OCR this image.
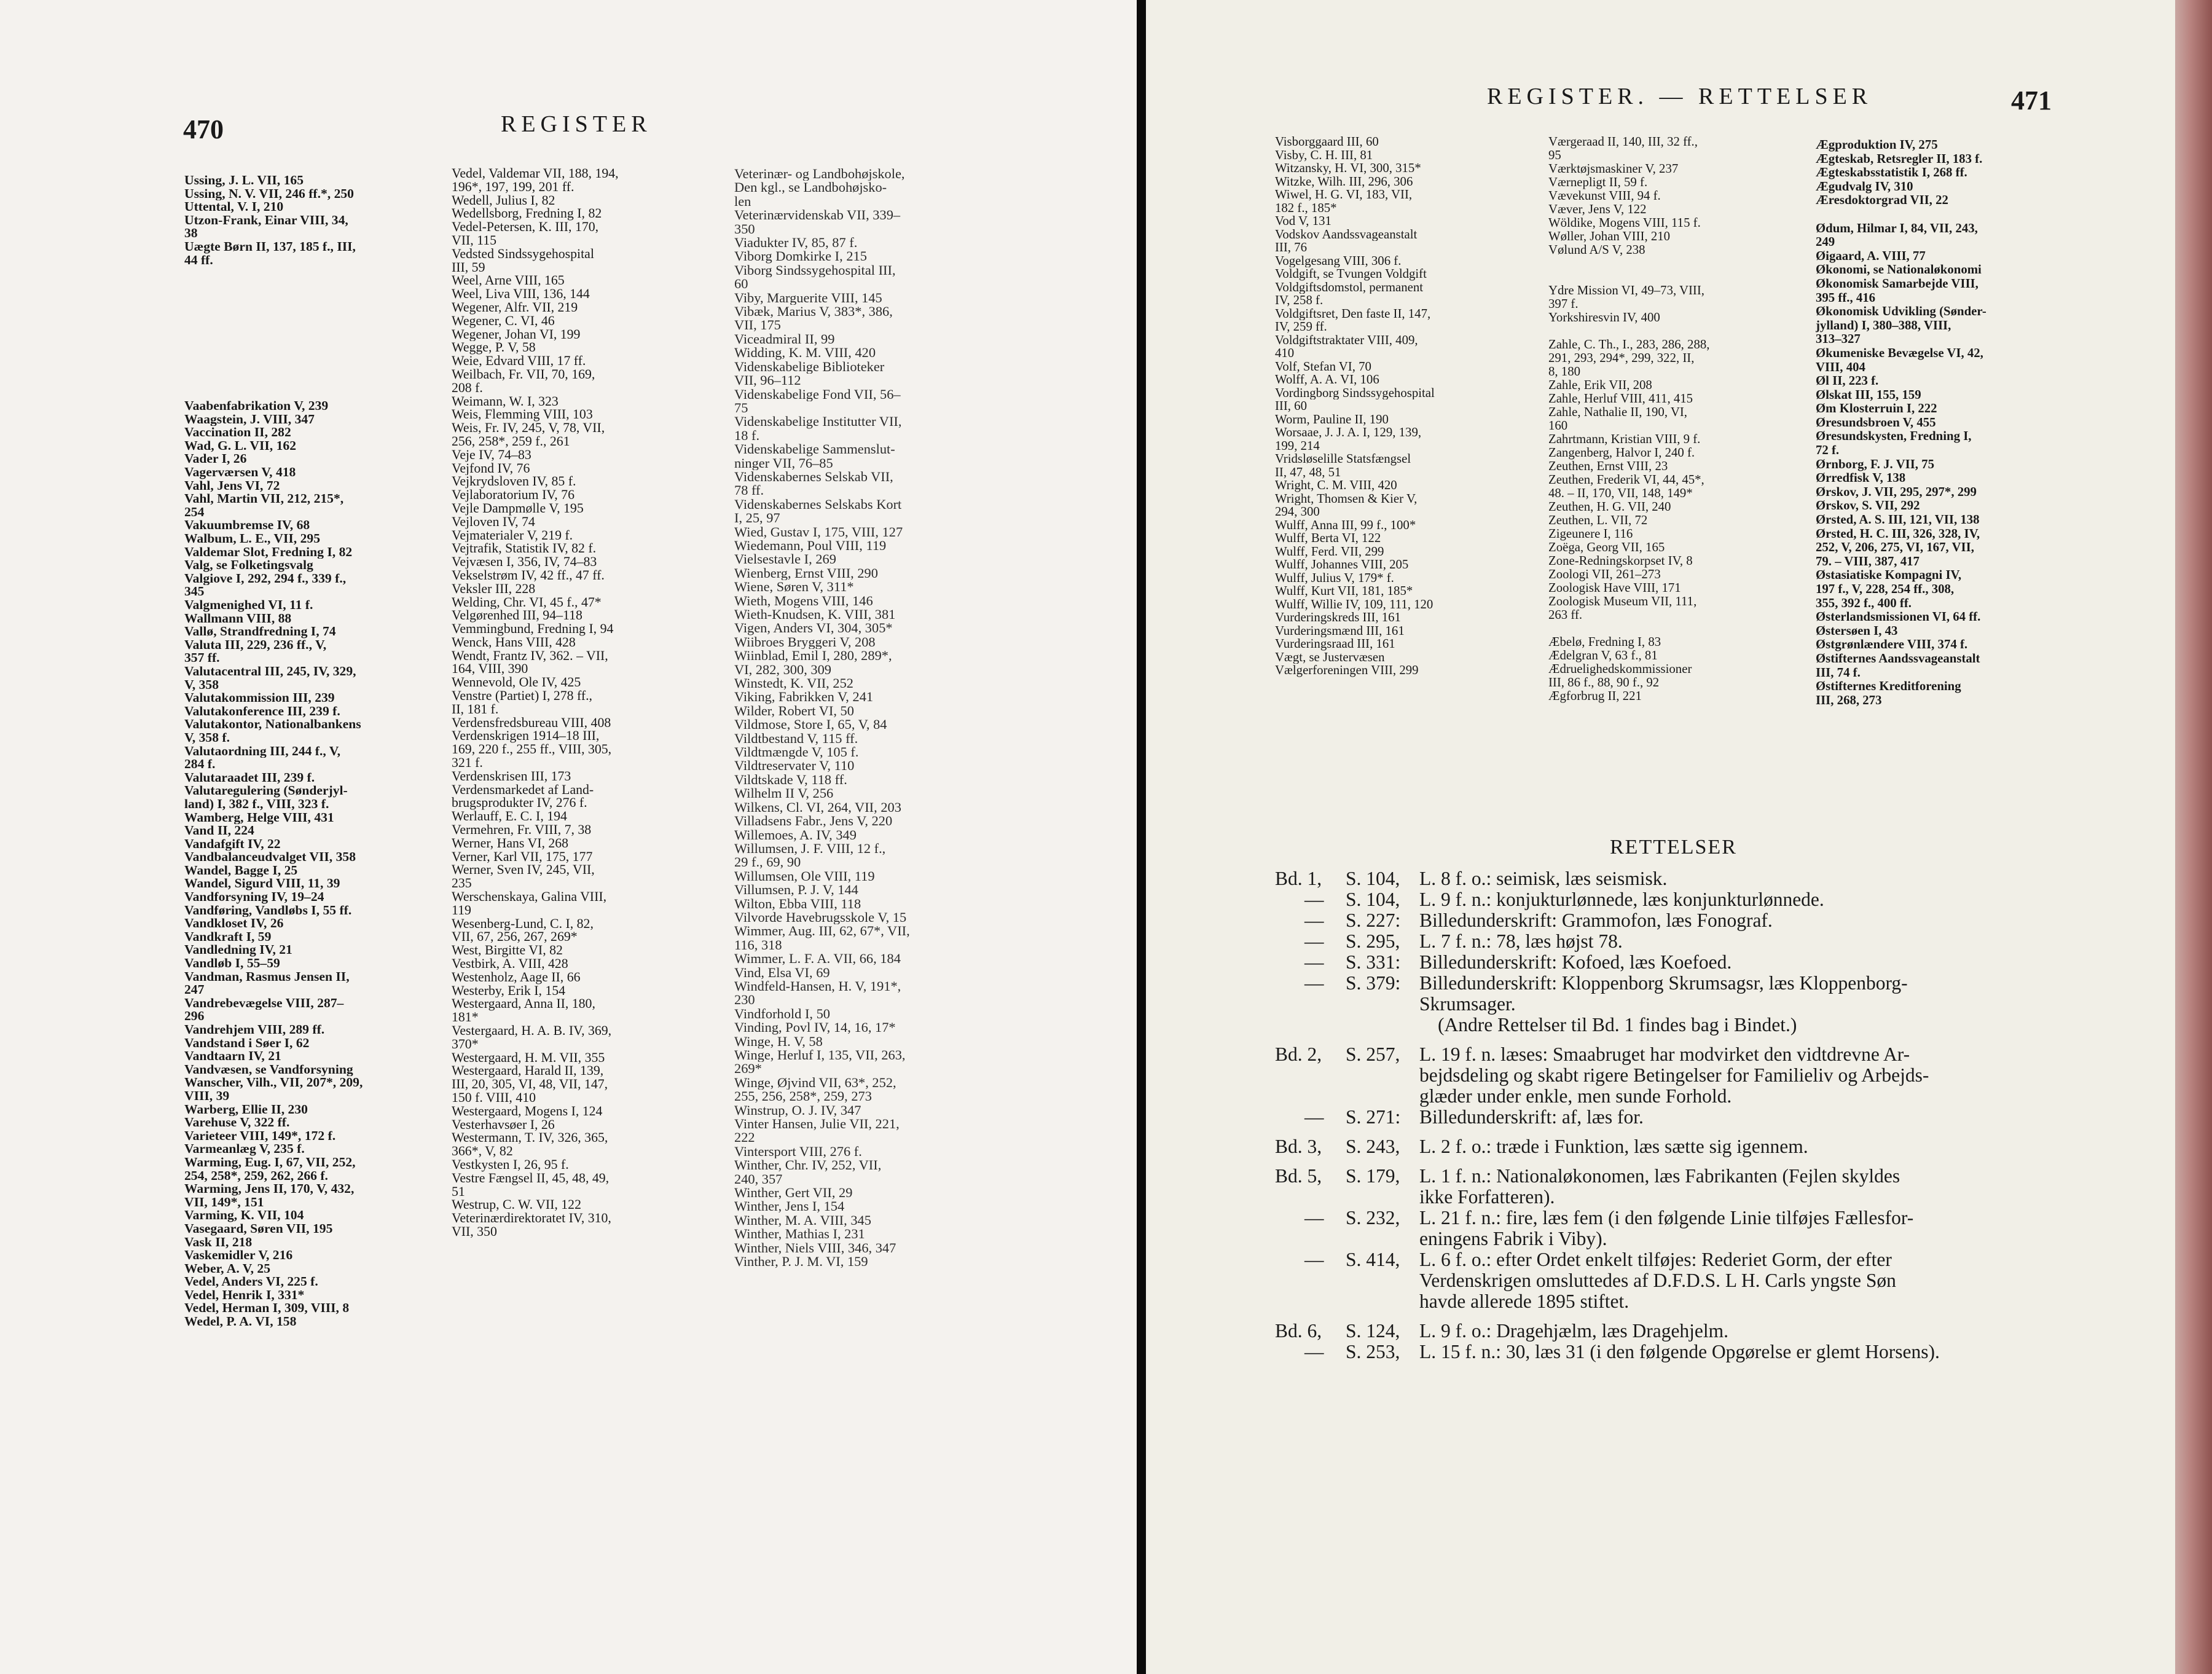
470	REGISTER
Ussing, J. L. VII, 165
Ussing, N. V. VII, 246 ff.*, 250
Uttental, V. I, 210
Utzon-Frank, Einar VIII, 34,
38
Uægte Børn II, 137, 185 f., III,
44 ff.

Vaabenfabrikation V, 239
Waagstein, J. VIII, 347
Vaccination II, 282
Wad, G. L. VII, 162
Vader I, 26
Vagerværsen V, 418
Vahl, Jens VI, 72
Vahl, Martin VII, 212, 215*,
254
Vakuumbremse IV, 68
Walbum, L. E., VII, 295
Valdemar Slot, Fredning I, 82
Valg, se Folketingsvalg
Valgiove I, 292, 294 f., 339 f.,
345
Valgmenighed VI, 11 f.
Wallmann VIII, 88
Vallø, Strandfredning I, 74
Valuta III, 229, 236 ff., V,
357 ff.
Valutacentral III, 245, IV, 329,
V, 358
Valutakommission III, 239
Valutakonference III, 239 f.
Valutakontor, Nationalbankens
V, 358 f.
Valutaordning III, 244 f., V,
284 f.
Valutaraadet III, 239 f.
Valutaregulering (Sønderjyl-
land) I, 382 f., VIII, 323 f.
Wamberg, Helge VIII, 431
Vand II, 224
Vandafgift IV, 22
Vandbalanceudvalget VII, 358
Wandel, Bagge I, 25
Wandel, Sigurd VIII, 11, 39
Vandforsyning IV, 19–24
Vandføring, Vandløbs I, 55 ff.
Vandkloset IV, 26
Vandkraft I, 59
Vandledning IV, 21
Vandløb I, 55–59
Vandman, Rasmus Jensen II,
247
Vandrebevægelse VIII, 287–
296
Vandrehjem VIII, 289 ff.
Vandstand i Søer I, 62
Vandtaarn IV, 21
Vandvæsen, se Vandforsyning
Wanscher, Vilh., VII, 207*, 209,
VIII, 39
Warberg, Ellie II, 230
Varehuse V, 322 ff.
Varieteer VIII, 149*, 172 f.
Varmeanlæg V, 235 f.
Warming, Eug. I, 67, VII, 252,
254, 258*, 259, 262, 266 f.
Warming, Jens II, 170, V, 432,
VII, 149*, 151
Varming, K. VII, 104
Vasegaard, Søren VII, 195
Vask II, 218
Vaskemidler V, 216
Weber, A. V, 25
Vedel, Anders VI, 225 f.
Vedel, Henrik I, 331*
Vedel, Herman I, 309, VIII, 8
Wedel, P. A. VI, 158
Vedel, Valdemar VII, 188, 194,
196*, 197, 199, 201 ff.
Wedell, Julius I, 82
Wedellsborg, Fredning I, 82
Vedel-Petersen, K. III, 170,
VII, 115
Vedsted Sindssygehospital
III, 59
Weel, Arne VIII, 165
Weel, Liva VIII, 136, 144
Wegener, Alfr. VII, 219
Wegener, C. VI, 46
Wegener, Johan VI, 199
Wegge, P. V, 58
Weie, Edvard VIII, 17 ff.
Weilbach, Fr. VII, 70, 169,
208 f.
Weimann, W. I, 323
Weis, Flemming VIII, 103
Weis, Fr. IV, 245, V, 78, VII,
256, 258*, 259 f., 261
Veje IV, 74–83
Vejfond IV, 76
Vejkrydsloven IV, 85 f.
Vejlaboratorium IV, 76
Vejle Dampmølle V, 195
Vejloven IV, 74
Vejmaterialer V, 219 f.
Vejtrafik, Statistik IV, 82 f.
Vejvæsen I, 356, IV, 74–83
Vekselstrøm IV, 42 ff., 47 ff.
Veksler III, 228
Welding, Chr. VI, 45 f., 47*
Velgørenhed III, 94–118
Vemmingbund, Fredning I, 94
Wenck, Hans VIII, 428
Wendt, Frantz IV, 362. – VII,
164, VIII, 390
Wennevold, Ole IV, 425
Venstre (Partiet) I, 278 ff.,
II, 181 f.
Verdensfredsbureau VIII, 408
Verdenskrigen 1914–18 III,
169, 220 f., 255 ff., VIII, 305,
321 f.
Verdenskrisen III, 173
Verdensmarkedet af Land-
brugsprodukter IV, 276 f.
Werlauff, E. C. I, 194
Vermehren, Fr. VIII, 7, 38
Werner, Hans VI, 268
Verner, Karl VII, 175, 177
Werner, Sven IV, 245, VII,
235
Werschenskaya, Galina VIII,
119
Wesenberg-Lund, C. I, 82,
VII, 67, 256, 267, 269*
West, Birgitte VI, 82
Vestbirk, A. VIII, 428
Westenholz, Aage II, 66
Westerby, Erik I, 154
Westergaard, Anna II, 180,
181*
Vestergaard, H. A. B. IV, 369,
370*
Westergaard, H. M. VII, 355
Westergaard, Harald II, 139,
III, 20, 305, VI, 48, VII, 147,
150 f. VIII, 410
Westergaard, Mogens I, 124
Vesterhavsøer I, 26
Westermann, T. IV, 326, 365,
366*, V, 82
Vestkysten I, 26, 95 f.
Vestre Fængsel II, 45, 48, 49,
51
Westrup, C. W. VII, 122
Veterinærdirektoratet IV, 310,
VII, 350
Veterinær- og Landbohøjskole,
Den kgl., se Landbohøjsko-
len
Veterinærvidenskab VII, 339–
350
Viadukter IV, 85, 87 f.
Viborg Domkirke I, 215
Viborg Sindssygehospital III,
60
Viby, Marguerite VIII, 145
Vibæk, Marius V, 383*, 386,
VII, 175
Viceadmiral II, 99
Widding, K. M. VIII, 420
Videnskabelige Biblioteker
VII, 96–112
Videnskabelige Fond VII, 56–
75
Videnskabelige Institutter VII,
18 f.
Videnskabelige Sammenslut-
ninger VII, 76–85
Videnskabernes Selskab VII,
78 ff.
Videnskabernes Selskabs Kort
I, 25, 97
Wied, Gustav I, 175, VIII, 127
Wiedemann, Poul VIII, 119
Vielsestavle I, 269
Wienberg, Ernst VIII, 290
Wiene, Søren V, 311*
Wieth, Mogens VIII, 146
Wieth-Knudsen, K. VIII, 381
Vigen, Anders VI, 304, 305*
Wiibroes Bryggeri V, 208
Wiinblad, Emil I, 280, 289*,
VI, 282, 300, 309
Winstedt, K. VII, 252
Viking, Fabrikken V, 241
Wilder, Robert VI, 50
Vildmose, Store I, 65, V, 84
Vildtbestand V, 115 ff.
Vildtmængde V, 105 f.
Vildtreservater V, 110
Vildtskade V, 118 ff.
Wilhelm II V, 256
Wilkens, Cl. VI, 264, VII, 203
Villadsens Fabr., Jens V, 220
Willemoes, A. IV, 349
Willumsen, J. F. VIII, 12 f.,
29 f., 69, 90
Willumsen, Ole VIII, 119
Villumsen, P. J. V, 144
Wilton, Ebba VIII, 118
Vilvorde Havebrugsskole V, 15
Wimmer, Aug. III, 62, 67*, VII,
116, 318
Wimmer, L. F. A. VII, 66, 184
Vind, Elsa VI, 69
Windfeld-Hansen, H. V, 191*,
230
Vindforhold I, 50
Vinding, Povl IV, 14, 16, 17*
Winge, H. V, 58
Winge, Herluf I, 135, VII, 263,
269*
Winge, Øjvind VII, 63*, 252,
255, 256, 258*, 259, 273
Winstrup, O. J. IV, 347
Vinter Hansen, Julie VII, 221,
222
Vintersport VIII, 276 f.
Winther, Chr. IV, 252, VII,
240, 357
Winther, Gert VII, 29
Winther, Jens I, 154
Winther, M. A. VIII, 345
Winther, Mathias I, 231
Winther, Niels VIII, 346, 347
Vinther, P. J. M. VI, 159
REGISTER. — RETTELSER	471
Visborggaard III, 60
Visby, C. H. III, 81
Witzansky, H. VI, 300, 315*
Witzke, Wilh. III, 296, 306
Wiwel, H. G. VI, 183, VII,
182 f., 185*
Vod V, 131
Vodskov Aandssvageanstalt
III, 76
Vogelgesang VIII, 306 f.
Voldgift, se Tvungen Voldgift
Voldgiftsdomstol, permanent
IV, 258 f.
Voldgiftsret, Den faste II, 147,
IV, 259 ff.
Voldgiftstraktater VIII, 409,
410
Volf, Stefan VI, 70
Wolff, A. A. VI, 106
Vordingborg Sindssygehospital
III, 60
Worm, Pauline II, 190
Worsaae, J. J. A. I, 129, 139,
199, 214
Vridsløselille Statsfængsel
II, 47, 48, 51
Wright, C. M. VIII, 420
Wright, Thomsen & Kier V,
294, 300
Wulff, Anna III, 99 f., 100*
Wulff, Berta VI, 122
Wulff, Ferd. VII, 299
Wulff, Johannes VIII, 205
Wulff, Julius V, 179* f.
Wulff, Kurt VII, 181, 185*
Wulff, Willie IV, 109, 111, 120
Vurderingskreds III, 161
Vurderingsmænd III, 161
Vurderingsraad III, 161
Vægt, se Justervæsen
Vælgerforeningen VIII, 299
Værgeraad II, 140, III, 32 ff.,
95
Værktøjsmaskiner V, 237
Værnepligt II, 59 f.
Vævekunst VIII, 94 f.
Væver, Jens V, 122
Wöldike, Mogens VIII, 115 f.
Wøller, Johan VIII, 210
Vølund A/S V, 238

Ydre Mission VI, 49–73, VIII,
397 f.
Yorkshiresvin IV, 400

Zahle, C. Th., I., 283, 286, 288,
291, 293, 294*, 299, 322, II,
8, 180
Zahle, Erik VII, 208
Zahle, Herluf VIII, 411, 415
Zahle, Nathalie II, 190, VI,
160
Zahrtmann, Kristian VIII, 9 f.
Zangenberg, Halvor I, 240 f.
Zeuthen, Ernst VIII, 23
Zeuthen, Frederik VI, 44, 45*,
48. – II, 170, VII, 148, 149*
Zeuthen, H. G. VII, 240
Zeuthen, L. VII, 72
Zigeunere I, 116
Zoëga, Georg VII, 165
Zone-Redningskorpset IV, 8
Zoologi VII, 261–273
Zoologisk Have VIII, 171
Zoologisk Museum VII, 111,
263 ff.

Æbelø, Fredning I, 83
Ædelgran V, 63 f., 81
Ædruelighedskommissioner
III, 86 f., 88, 90 f., 92
Ægforbrug II, 221
Ægproduktion IV, 275
Ægteskab, Retsregler II, 183 f.
Ægteskabsstatistik I, 268 ff.
Ægudvalg IV, 310
Æresdoktorgrad VII, 22

Ødum, Hilmar I, 84, VII, 243,
249
Øigaard, A. VIII, 77
Økonomi, se Nationaløkonomi
Økonomisk Samarbejde VIII,
395 ff., 416
Økonomisk Udvikling (Sønder-
jylland) I, 380–388, VIII,
313–327
Økumeniske Bevægelse VI, 42,
VIII, 404
Øl II, 223 f.
Ølskat III, 155, 159
Øm Klosterruin I, 222
Øresundsbroen V, 455
Øresundskysten, Fredning I,
72 f.
Ørnborg, F. J. VII, 75
Ørredfisk V, 138
Ørskov, J. VII, 295, 297*, 299
Ørskov, S. VII, 292
Ørsted, A. S. III, 121, VII, 138
Ørsted, H. C. III, 326, 328, IV,
252, V, 206, 275, VI, 167, VII,
79. – VIII, 387, 417
Østasiatiske Kompagni IV,
197 f., V, 228, 254 ff., 308,
355, 392 f., 400 ff.
Østerlandsmissionen VI, 64 ff.
Østersøen I, 43
Østgrønlændere VIII, 374 f.
Østifternes Aandssvageanstalt
III, 74 f.
Østifternes Kreditforening
III, 268, 273
RETTELSER
Bd. 1,	S. 104,	L. 8 f. o.: seimisk, læs seismisk.
—	S. 104,	L. 9 f. n.: konjukturlønnede, læs konjunkturlønnede.
—	S. 227: Billedunderskrift: Grammofon, læs Fonograf.
—	S. 295,	L. 7 f. n.: 78, læs højst 78.
—	S. 331: Billedunderskrift: Kofoed, læs Koefoed.
—	S. 379: Billedunderskrift: Kloppenborg Skrumsagsr, læs Kloppenborg-
Skrumsager.
(Andre Rettelser til Bd. 1 findes bag i Bindet.)
Bd. 2,	S. 257,	L. 19 f. n. læses: Smaabruget har modvirket den vidtdrevne Ar-
bejdsdeling og skabt rigere Betingelser for Familieliv og Arbejds-
glæder under enkle, men sunde Forhold.
—	S. 271: Billedunderskrift: af, læs for.
Bd. 3,	S. 243,	L. 2 f. o.: træde i Funktion, læs sætte sig igennem.
Bd. 5,	S. 179,	L. 1 f. n.: Nationaløkonomen, læs Fabrikanten (Fejlen skyldes
ikke Forfatteren).
—	S. 232,	L. 21 f. n.: fire, læs fem (i den følgende Linie tilføjes Fællesfor-
eningens Fabrik i Viby).
—	S. 414,	L. 6 f. o.: efter Ordet enkelt tilføjes: Rederiet Gorm, der efter
Verdenskrigen omsluttedes af D.F.D.S. L H. Carls yngste Søn
havde allerede 1895 stiftet.
Bd. 6,	S. 124,	L. 9 f. o.: Dragehjælm, læs Dragehjelm.
—	S. 253,	L. 15 f. n.: 30, læs 31 (i den følgende Opgørelse er glemt Horsens).
